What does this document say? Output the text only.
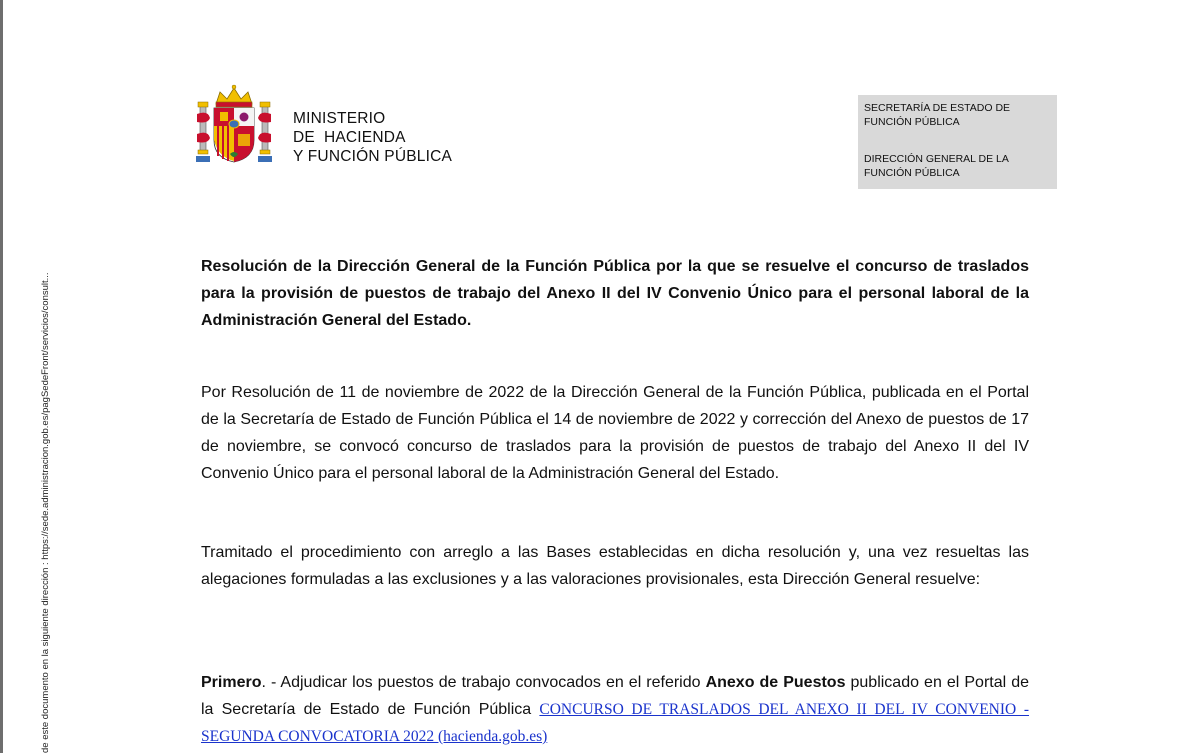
de este documento en la siguiente dirección : https://sede.administracion.gob.es/pagSedeFront/servicios/consult...
MINISTERIO
DE  HACIENDA
Y FUNCIÓN PÚBLICA
SECRETARÍA DE ESTADO DE
FUNCIÓN PÚBLICA
DIRECCIÓN GENERAL DE LA
FUNCIÓN PÚBLICA
Resolución de la Dirección General de la Función Pública por la que se resuelve el concurso de traslados para la provisión de puestos de trabajo del Anexo II del IV Convenio Único para el personal laboral de la Administración General del Estado.
Por Resolución de 11 de noviembre de 2022 de la Dirección General de la Función Pública, publicada en el Portal de la Secretaría de Estado de Función Pública el 14 de noviembre de 2022 y corrección del Anexo de puestos de 17 de noviembre, se convocó concurso de traslados para la provisión de puestos de trabajo del Anexo II del IV Convenio Único para el personal laboral de la Administración General del Estado.
Tramitado el procedimiento con arreglo a las Bases establecidas en dicha resolución y, una vez resueltas las alegaciones formuladas a las exclusiones y a las valoraciones provisionales, esta Dirección General resuelve:
Primero. - Adjudicar los puestos de trabajo convocados en el referido Anexo de Puestos publicado en el Portal de la Secretaría de Estado de Función Pública CONCURSO DE TRASLADOS DEL ANEXO II DEL IV CONVENIO - SEGUNDA CONVOCATORIA 2022 (hacienda.gob.es)
